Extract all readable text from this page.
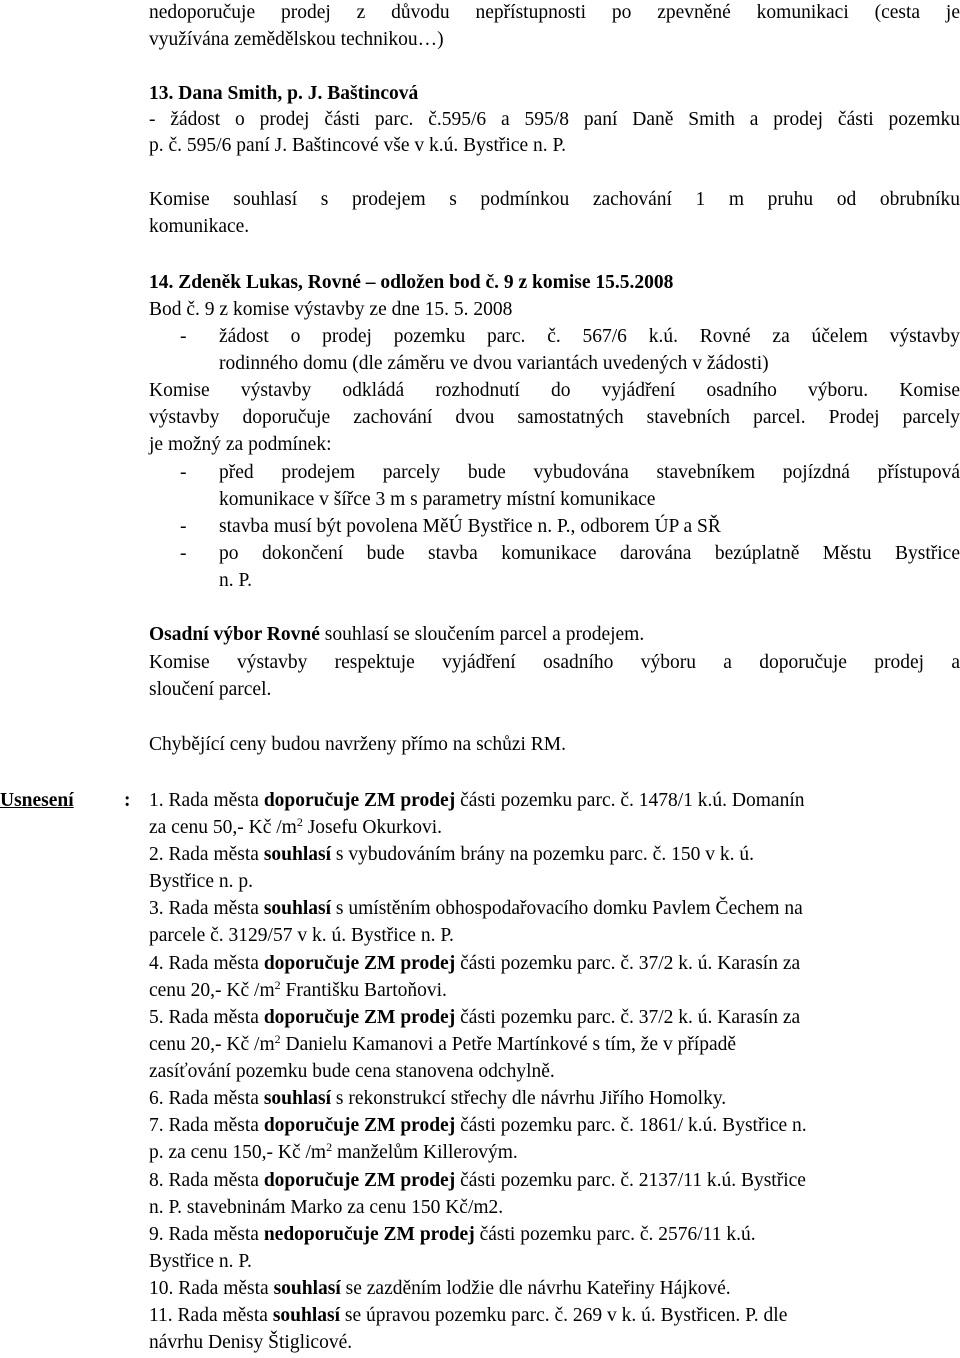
nedoporučuje prodej z důvodu nepřístupnosti po zpevněné komunikaci (cesta je
využívána zemědělskou technikou…)
13. Dana Smith, p. J. Baštincová
- žádost o prodej části parc. č.595/6 a 595/8 paní Daně Smith a prodej části pozemku
p. č. 595/6 paní J. Baštincové vše v k.ú. Bystřice n. P.
Komise souhlasí s prodejem s podmínkou zachování 1 m pruhu od obrubníku
komunikace.
14. Zdeněk Lukas, Rovné – odložen bod č. 9 z komise 15.5.2008
Bod č. 9 z komise výstavby ze dne 15. 5. 2008
- žádost o prodej pozemku parc. č. 567/6 k.ú. Rovné za účelem výstavby
rodinného domu (dle záměru ve dvou variantách uvedených v žádosti)
Komise výstavby odkládá rozhodnutí do vyjádření osadního výboru. Komise
výstavby doporučuje zachování dvou samostatných stavebních parcel. Prodej parcely
je možný za podmínek:
- před prodejem parcely bude vybudována stavebníkem pojízdná přístupová
komunikace v šířce 3 m s parametry místní komunikace
- stavba musí být povolena MěÚ Bystřice n. P., odborem ÚP a SŘ
- po dokončení bude stavba komunikace darována bezúplatně Městu Bystřice
n. P.
Osadní výbor Rovné souhlasí se sloučením parcel a prodejem.
Komise výstavby respektuje vyjádření osadního výboru a doporučuje prodej a
sloučení parcel.
Chybějící ceny budou navrženy přímo na schůzi RM.
Usnesení	: 1. Rada města doporučuje ZM prodej části pozemku parc. č. 1478/1 k.ú. Domanín
za cenu 50,- Kč $/m^2$ Josefu Okurkovi.
2. Rada města souhlasí s vybudováním brány na pozemku parc. č. 150 v k. ú.
Bystřice n. p.
3. Rada města souhlasí s umístěním obhospodařovacího domku Pavlem Čechem na
parcele č. 3129/57 v k. ú. Bystřice n. P.
4. Rada města doporučuje ZM prodej části pozemku parc. č. 37/2 k. ú. Karasín za
cenu 20,- Kč $/m^2$ Františku Bartoňovi.
5. Rada města doporučuje ZM prodej části pozemku parc. č. 37/2 k. ú. Karasín za
cenu 20,- Kč $/m^2$ Danielu Kamanovi a Petře Martínkové s tím, že v případě
zasíťování pozemku bude cena stanovena odchylně.
6. Rada města souhlasí s rekonstrukcí střechy dle návrhu Jiřího Homolky.
7. Rada města doporučuje ZM prodej části pozemku parc. č. 1861/ k.ú. Bystřice n.
p. za cenu 150,- Kč $/m^2$ manželům Killerovým.
8. Rada města doporučuje ZM prodej části pozemku parc. č. 2137/11 k.ú. Bystřice
n. P. stavebninám Marko za cenu 150 Kč/m2.
9. Rada města nedoporučuje ZM prodej části pozemku parc. č. 2576/11 k.ú.
Bystřice n. P.
10. Rada města souhlasí se zazděním lodžie dle návrhu Kateřiny Hájkové.
11. Rada města souhlasí se úpravou pozemku parc. č. 269 v k. ú. Bystřicen. P. dle
návrhu Denisy Štiglicové.
